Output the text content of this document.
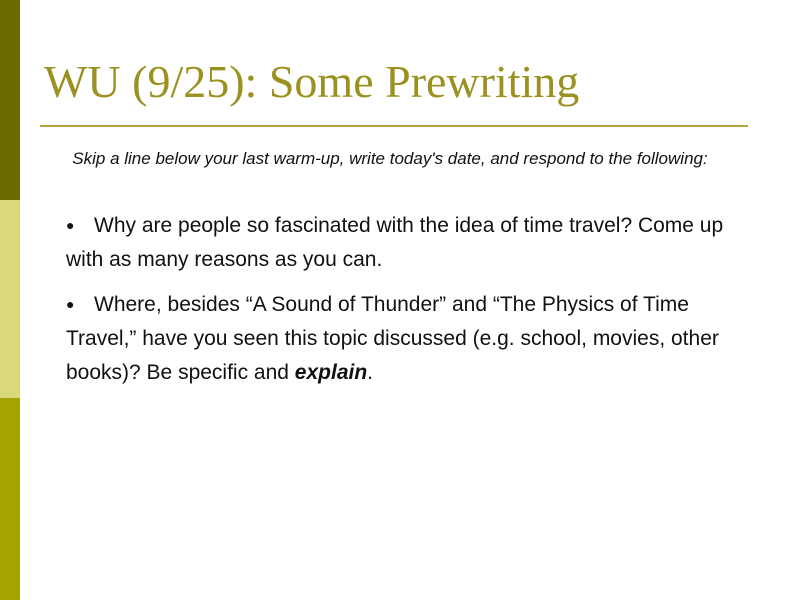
WU (9/25): Some Prewriting
Skip a line below your last warm-up, write today's date, and respond to the following:
● Why are people so fascinated with the idea of time travel? Come up with as many reasons as you can.
● Where, besides “A Sound of Thunder” and “The Physics of Time Travel,” have you seen this topic discussed (e.g. school, movies, other books)? Be specific and explain.
